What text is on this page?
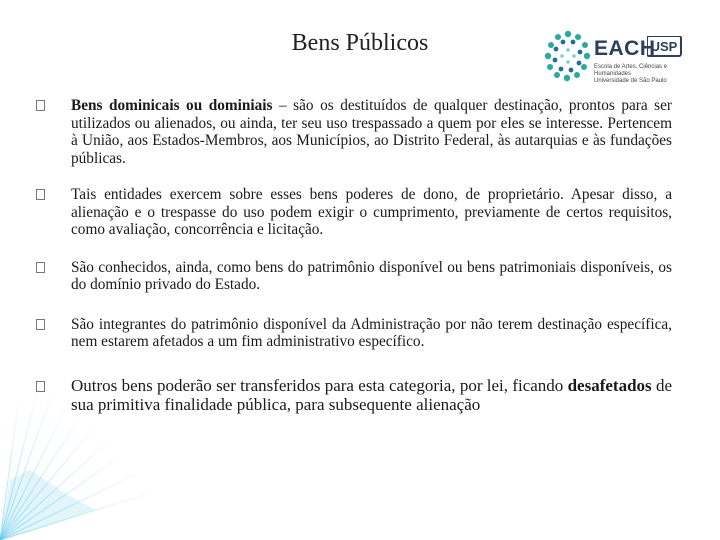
Bens Públicos	EACH
USP
Escola de Artes, Ciências e Humanidades
Universidade de São Paulo
Bens dominicais ou dominiais – são os destituídos de qualquer destinação, prontos para ser utilizados ou alienados, ou ainda, ter seu uso trespassado a quem por eles se interesse. Pertencem à União, aos Estados-Membros, aos Municípios, ao Distrito Federal, às autarquias e às fundações públicas.
Tais entidades exercem sobre esses bens poderes de dono, de proprietário. Apesar disso, a alienação e o trespasse do uso podem exigir o cumprimento, previamente de certos requisitos, como avaliação, concorrência e licitação.
São conhecidos, ainda, como bens do patrimônio disponível ou bens patrimoniais disponíveis, os do domínio privado do Estado.
São integrantes do patrimônio disponível da Administração por não terem destinação específica, nem estarem afetados a um fim administrativo específico.
Outros bens poderão ser transferidos para esta categoria, por lei, ficando desafetados de sua primitiva finalidade pública, para subsequente alienação
